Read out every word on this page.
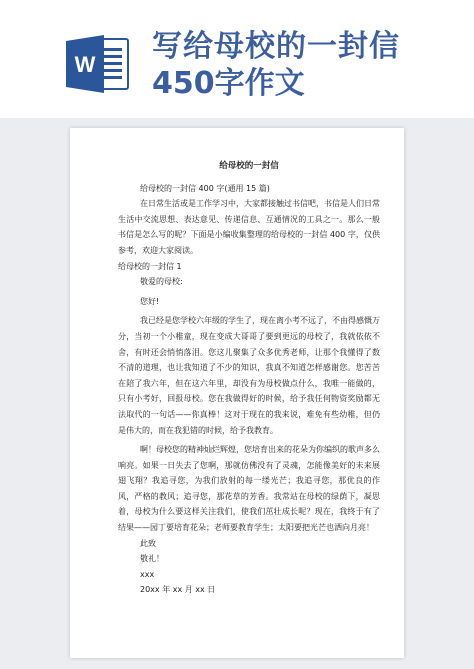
W
写给母校的一封信
450字作文
给母校的一封信

给母校的一封信 400 字(通用 15 篇)

在日常生活或是工作学习中，大家都接触过书信吧，书信是人们日常生活中交流思想、表达意见、传递信息、互通情况的工具之一。那么一般书信是怎么写的呢？下面是小编收集整理的给母校的一封信 400 字，仅供参考，欢迎大家阅读。

给母校的一封信 1

敬爱的母校:

您好!

我已经是您学校六年级的学生了，现在离小考不远了，不由得感慨万分，当初一个小稚童，现在变成大哥哥了要到更远的母校了，我就依依不舍，有时还会悄悄落泪。您这儿聚集了众多优秀老师，让那个我懂得了数不清的道理，也让我知道了不少的知识，我真不知道怎样感谢您。您苦苦在陪了我六年，但在这六年里，却没有为母校做点什么，我唯一能做的，只有小考好，回报母校。您在我做得好的时候，给予我任何物资奖励都无法取代的一句话——你真棒！这对于现在的我来说，难免有些幼稚，但仍是伟大的，而在我犯错的时候，给予我教育。

啊！母校您的精神灿烂辉煌，您培育出来的花朵为你编织的歌声多么响亮。如果一日失去了您啊，那就仿佛没有了灵魂，怎能像美好的未来展翅飞翔？我追寻您，为我们放射的每一缕光芒；我追寻您，那优良的作风，严格的教风；追寻您，那花草的芳香。我常站在母校的绿荫下，凝思着，母校为什么要这样关注我们，使我们茁壮成长呢？现在，我终于有了结果——园丁要培育花朵；老师要教育学生；太阳要把光芒也洒向月亮！

此致

敬礼！

xxx

20xx 年 xx 月 xx 日
